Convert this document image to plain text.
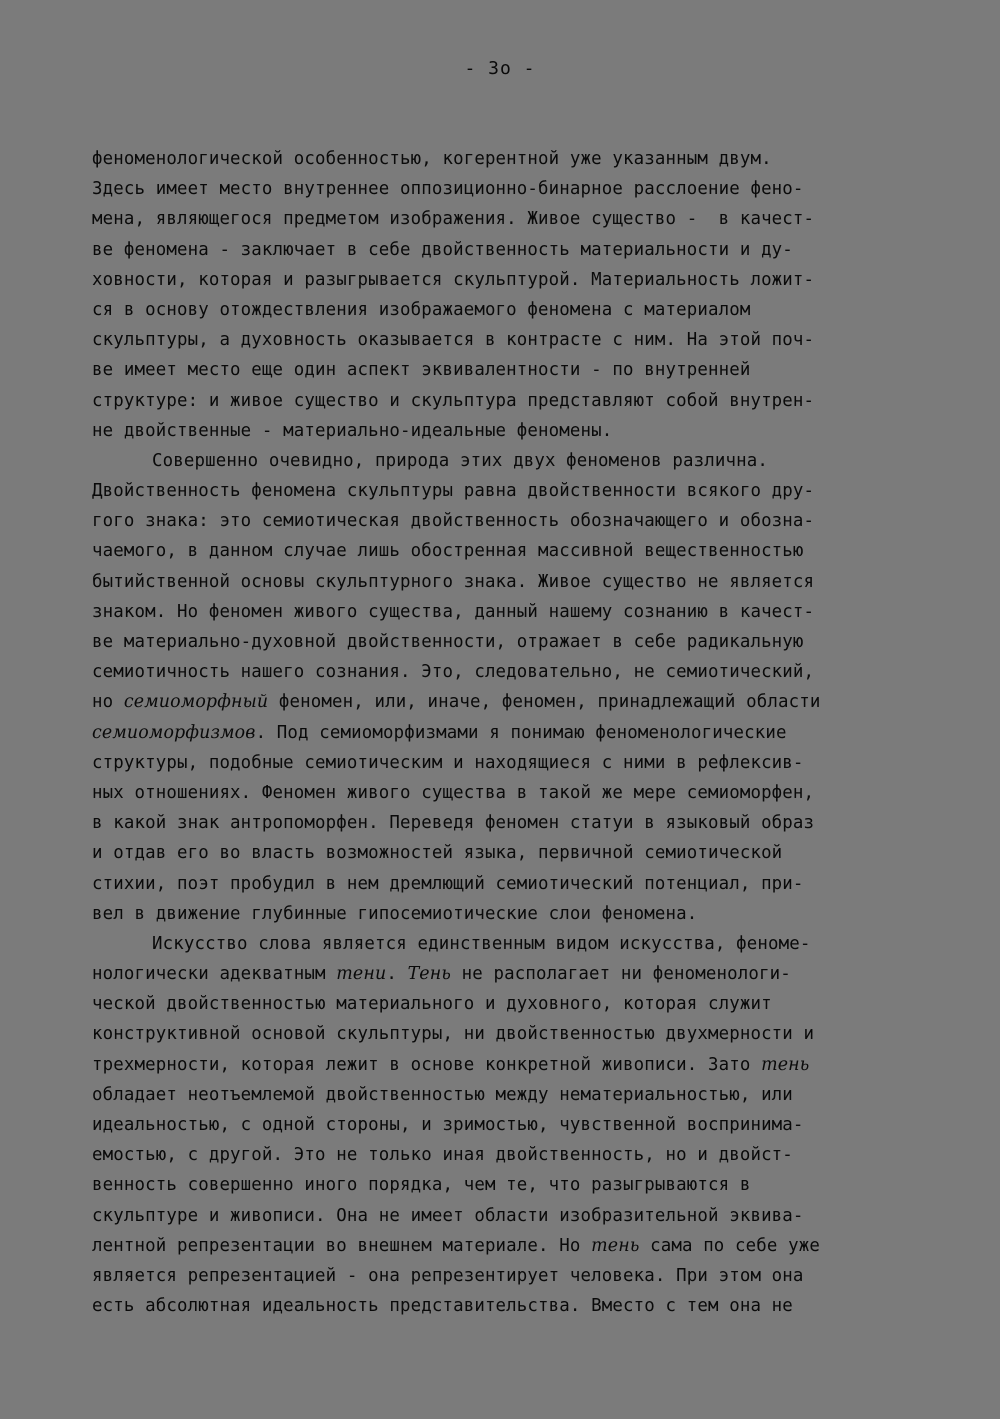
- 3o -
феноменологической особенностью, когерентной уже указанным двум.
Здесь имеет место внутреннее оппозиционно-бинарное расслоение фено-
мена, являющегося предметом изображения. Живое существо -  в качест-
ве феномена - заключает в себе двойственность материальности и ду-
ховности, которая и разыгрывается скульптурой. Материальность ложит-
ся в основу отождествления изображаемого феномена с материалом
скульптуры, а духовность оказывается в контрасте с ним. На этой поч-
ве имеет место еще один аспект эквивалентности - по внутренней
структуре: и живое существо и скульптура представляют собой внутрен-
не двойственные - материально-идеальные феномены.
Совершенно очевидно, природа этих двух феноменов различна.
Двойственность феномена скульптуры равна двойственности всякого дру-
гого знака: это семиотическая двойственность обозначающего и обозна-
чаемого, в данном случае лишь обостренная массивной вещественностью
бытийственной основы скульптурного знака. Живое существо не является
знаком. Но феномен живого существа, данный нашему сознанию в качест-
ве материально-духовной двойственности, отражает в себе радикальную
семиотичность нашего сознания. Это, следовательно, не семиотический,
но семиоморфный феномен, или, иначе, феномен, принадлежащий области
семиоморфизмов. Под семиоморфизмами я понимаю феноменологические
структуры, подобные семиотическим и находящиеся с ними в рефлексив-
ных отношениях. Феномен живого существа в такой же мере семиоморфен,
в какой знак антропоморфен. Переведя феномен статуи в языковый образ
и отдав его во власть возможностей языка, первичной семиотической
стихии, поэт пробудил в нем дремлющий семиотический потенциал, при-
вел в движение глубинные гипосемиотические слои феномена.
Искусство слова является единственным видом искусства, феноме-
нологически адекватным тени. Тень не располагает ни феноменологи-
ческой двойственностью материального и духовного, которая служит
конструктивной основой скульптуры, ни двойственностью двухмерности и
трехмерности, которая лежит в основе конкретной живописи. Зато тень
обладает неотъемлемой двойственностью между нематериальностью, или
идеальностью, с одной стороны, и зримостью, чувственной воспринима-
емостью, с другой. Это не только иная двойственность, но и двойст-
венность совершенно иного порядка, чем те, что разыгрываются в
скульптуре и живописи. Она не имеет области изобразительной эквива-
лентной репрезентации во внешнем материале. Но тень сама по себе уже
является репрезентацией - она репрезентирует человека. При этом она
есть абсолютная идеальность представительства. Вместо с тем она не
